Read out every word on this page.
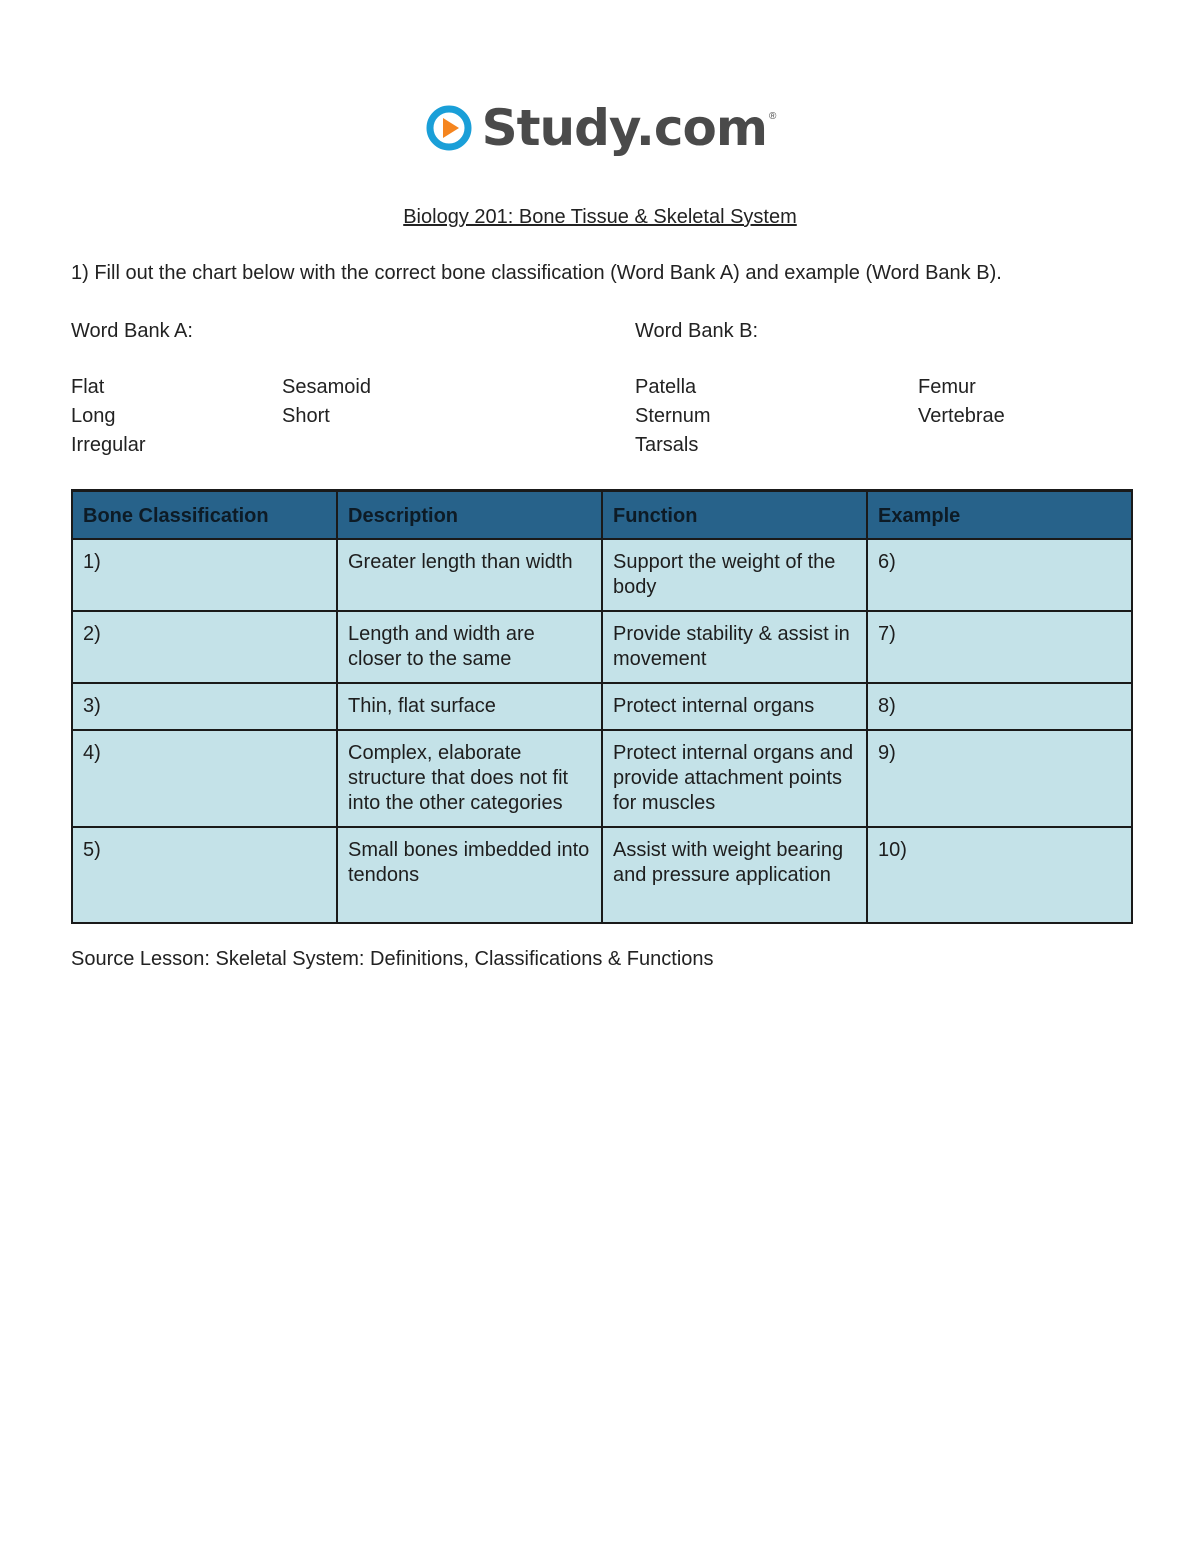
Study.com ®
Biology 201: Bone Tissue & Skeletal System
1) Fill out the chart below with the correct bone classification (Word Bank A) and example (Word Bank B).
Word Bank A:	Word Bank B:
Flat
Long
Irregular
Sesamoid
Short
Patella
Sternum
Tarsals
Femur
Vertebrae
Bone Classification	Description	Function	Example
1)	Greater length than width	Support the weight of the body	6)
2)	Length and width are closer to the same	Provide stability & assist in movement	7)
3)	Thin, flat surface	Protect internal organs	8)
4)	Complex, elaborate structure that does not fit into the other categories	Protect internal organs and provide attachment points for muscles	9)
5)	Small bones imbedded into tendons	Assist with weight bearing and pressure application	10)
Source Lesson: Skeletal System: Definitions, Classifications & Functions
